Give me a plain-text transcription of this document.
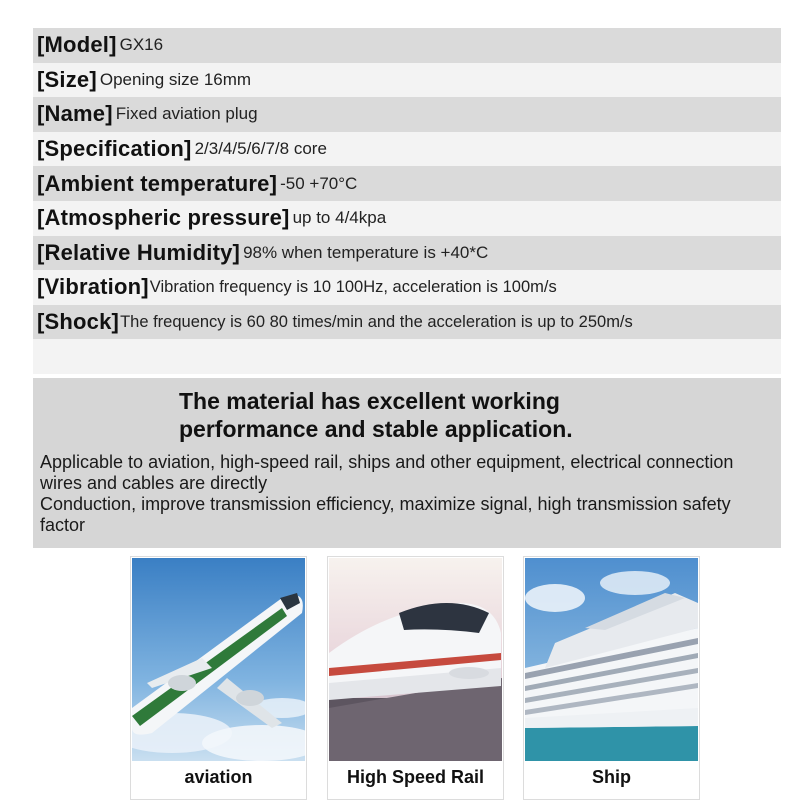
[Model] GX16
[Size] Opening size 16mm
[Name] Fixed aviation plug
[Specification] 2/3/4/5/6/7/8 core
[Ambient temperature] -50 +70°C
[Atmospheric pressure] up to 4/4kpa
[Relative Humidity] 98% when temperature is +40*C
[Vibration] Vibration frequency is 10 100Hz, acceleration is 100m/s
[Shock] The frequency is 60 80 times/min and the acceleration is up to 250m/s
The material has excellent working
performance and stable application.

Applicable to aviation, high-speed rail, ships and other equipment, electrical connection wires and cables are directly

Conduction, improve transmission efficiency, maximize signal, high transmission safety factor

aviation	High Speed Rail	Ship
